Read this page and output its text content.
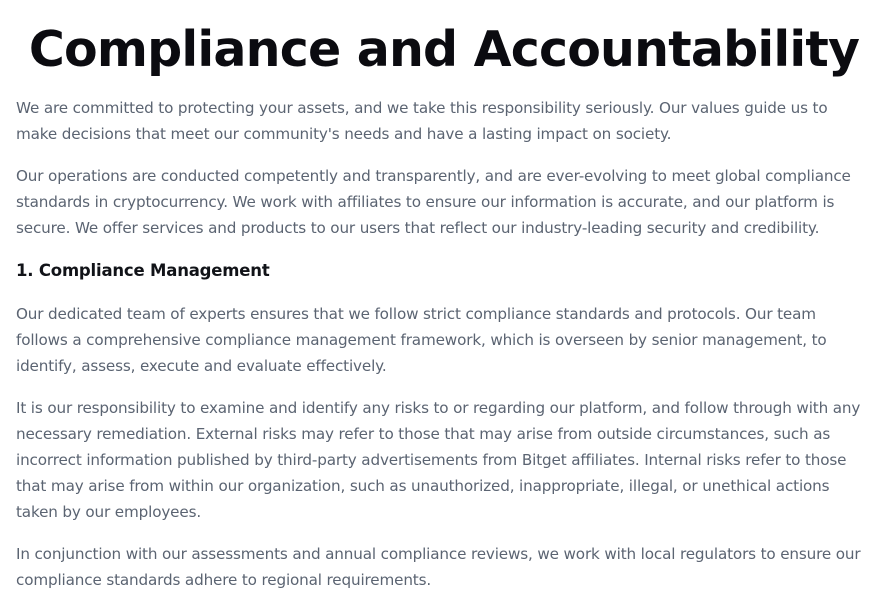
Compliance and Accountability

We are committed to protecting your assets, and we take this responsibility seriously. Our values guide us to make decisions that meet our community's needs and have a lasting impact on society.

Our operations are conducted competently and transparently, and are ever-evolving to meet global compliance standards in cryptocurrency. We work with affiliates to ensure our information is accurate, and our platform is secure. We offer services and products to our users that reflect our industry-leading security and credibility.

1. Compliance Management

Our dedicated team of experts ensures that we follow strict compliance standards and protocols. Our team follows a comprehensive compliance management framework, which is overseen by senior management, to identify, assess, execute and evaluate effectively.

It is our responsibility to examine and identify any risks to or regarding our platform, and follow through with any necessary remediation. External risks may refer to those that may arise from outside circumstances, such as incorrect information published by third-party advertisements from Bitget affiliates. Internal risks refer to those that may arise from within our organization, such as unauthorized, inappropriate, illegal, or unethical actions taken by our employees.

In conjunction with our assessments and annual compliance reviews, we work with local regulators to ensure our compliance standards adhere to regional requirements.
